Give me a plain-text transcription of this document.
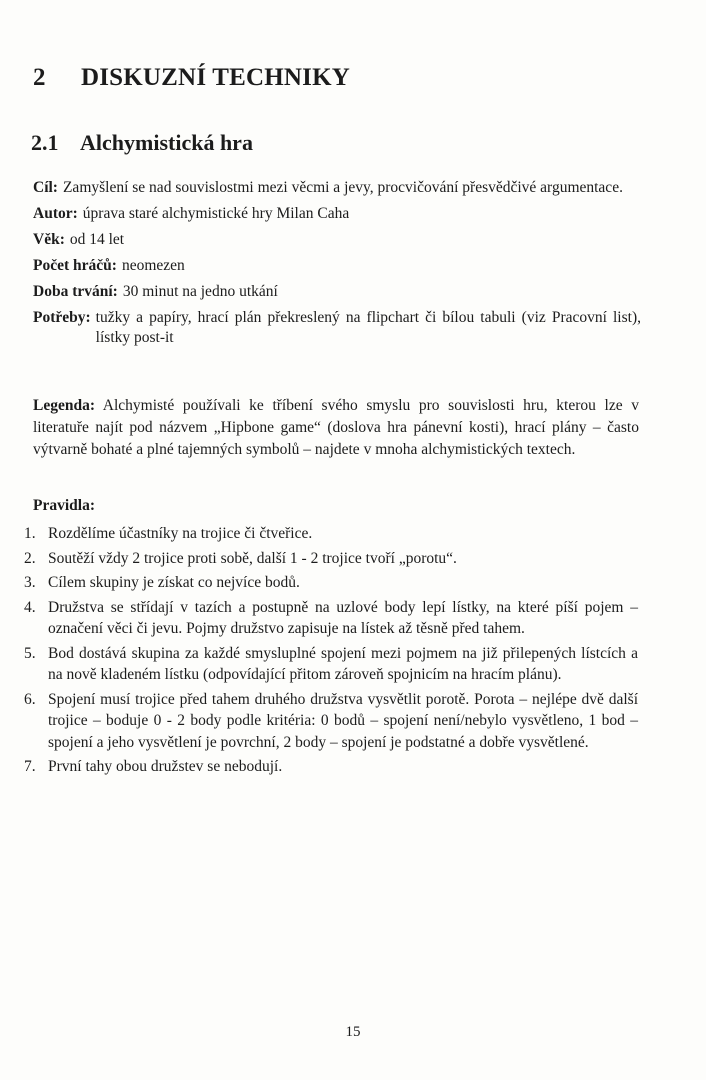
2 DISKUZNÍ TECHNIKY
2.1 Alchymistická hra
Cíl: Zamyšlení se nad souvislostmi mezi věcmi a jevy, procvičování přesvědčivé argumentace.
Autor: úprava staré alchymistické hry Milan Caha
Věk: od 14 let
Počet hráčů: neomezen
Doba trvání: 30 minut na jedno utkání
Potřeby: tužky a papíry, hrací plán překreslený na flipchart či bílou tabuli (viz Pracovní list), lístky post-it

Legenda: Alchymisté používali ke tříbení svého smyslu pro souvislosti hru, kterou lze v literatuře najít pod názvem „Hipbone game“ (doslova hra pánevní kosti), hrací plány – často výtvarně bohaté a plné tajemných symbolů – najdete v mnoha alchymistických textech.

Pravidla:
1. Rozdělíme účastníky na trojice či čtveřice.
2. Soutěží vždy 2 trojice proti sobě, další 1 - 2 trojice tvoří „porotu“.
3. Cílem skupiny je získat co nejvíce bodů.
4. Družstva se střídají v tazích a postupně na uzlové body lepí lístky, na které píší pojem – označení věci či jevu. Pojmy družstvo zapisuje na lístek až těsně před tahem.
5. Bod dostává skupina za každé smysluplné spojení mezi pojmem na již přilepených lístcích a na nově kladeném lístku (odpovídající přitom zároveň spojnicím na hracím plánu).
6. Spojení musí trojice před tahem druhého družstva vysvětlit porotě. Porota – nejlépe dvě další trojice – boduje 0 - 2 body podle kritéria: 0 bodů – spojení není/nebylo vysvětleno, 1 bod – spojení a jeho vysvětlení je povrchní, 2 body – spojení je podstatné a dobře vysvětlené.
7. První tahy obou družstev se nebodují.
15
